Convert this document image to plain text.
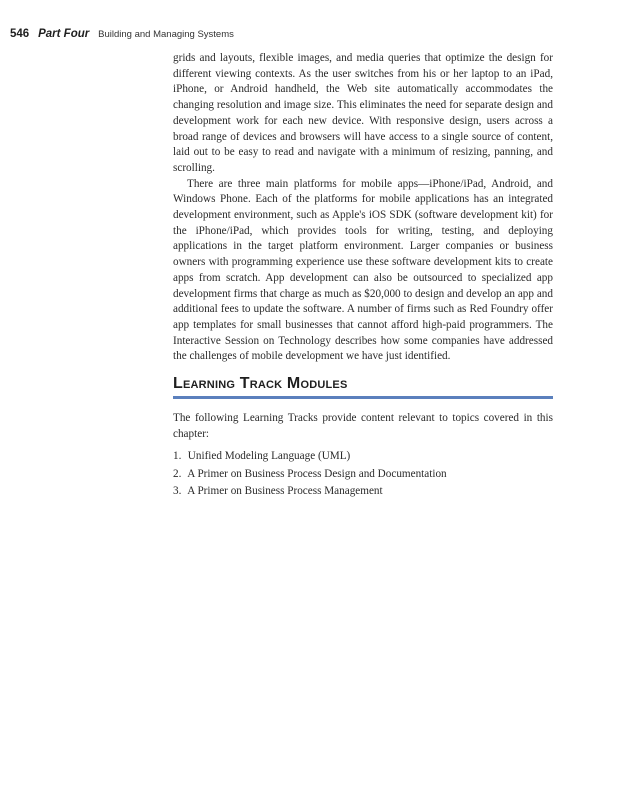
546 Part Four Building and Managing Systems

grids and layouts, flexible images, and media queries that optimize the design for different viewing contexts. As the user switches from his or her laptop to an iPad, iPhone, or Android handheld, the Web site automatically accommodates the changing resolution and image size. This eliminates the need for separate design and development work for each new device. With responsive design, users across a broad range of devices and browsers will have access to a single source of content, laid out to be easy to read and navigate with a minimum of resizing, panning, and scrolling.

There are three main platforms for mobile apps—iPhone/iPad, Android, and Windows Phone. Each of the platforms for mobile applications has an integrated development environment, such as Apple's iOS SDK (software development kit) for the iPhone/iPad, which provides tools for writing, testing, and deploying applications in the target platform environment. Larger companies or business owners with programming experience use these software development kits to create apps from scratch. App development can also be outsourced to specialized app development firms that charge as much as $20,000 to design and develop an app and additional fees to update the software. A number of firms such as Red Foundry offer app templates for small businesses that cannot afford high-paid programmers. The Interactive Session on Technology describes how some companies have addressed the challenges of mobile development we have just identified.

Learning Track Modules

The following Learning Tracks provide content relevant to topics covered in this chapter:

1. Unified Modeling Language (UML)
2. A Primer on Business Process Design and Documentation
3. A Primer on Business Process Management
